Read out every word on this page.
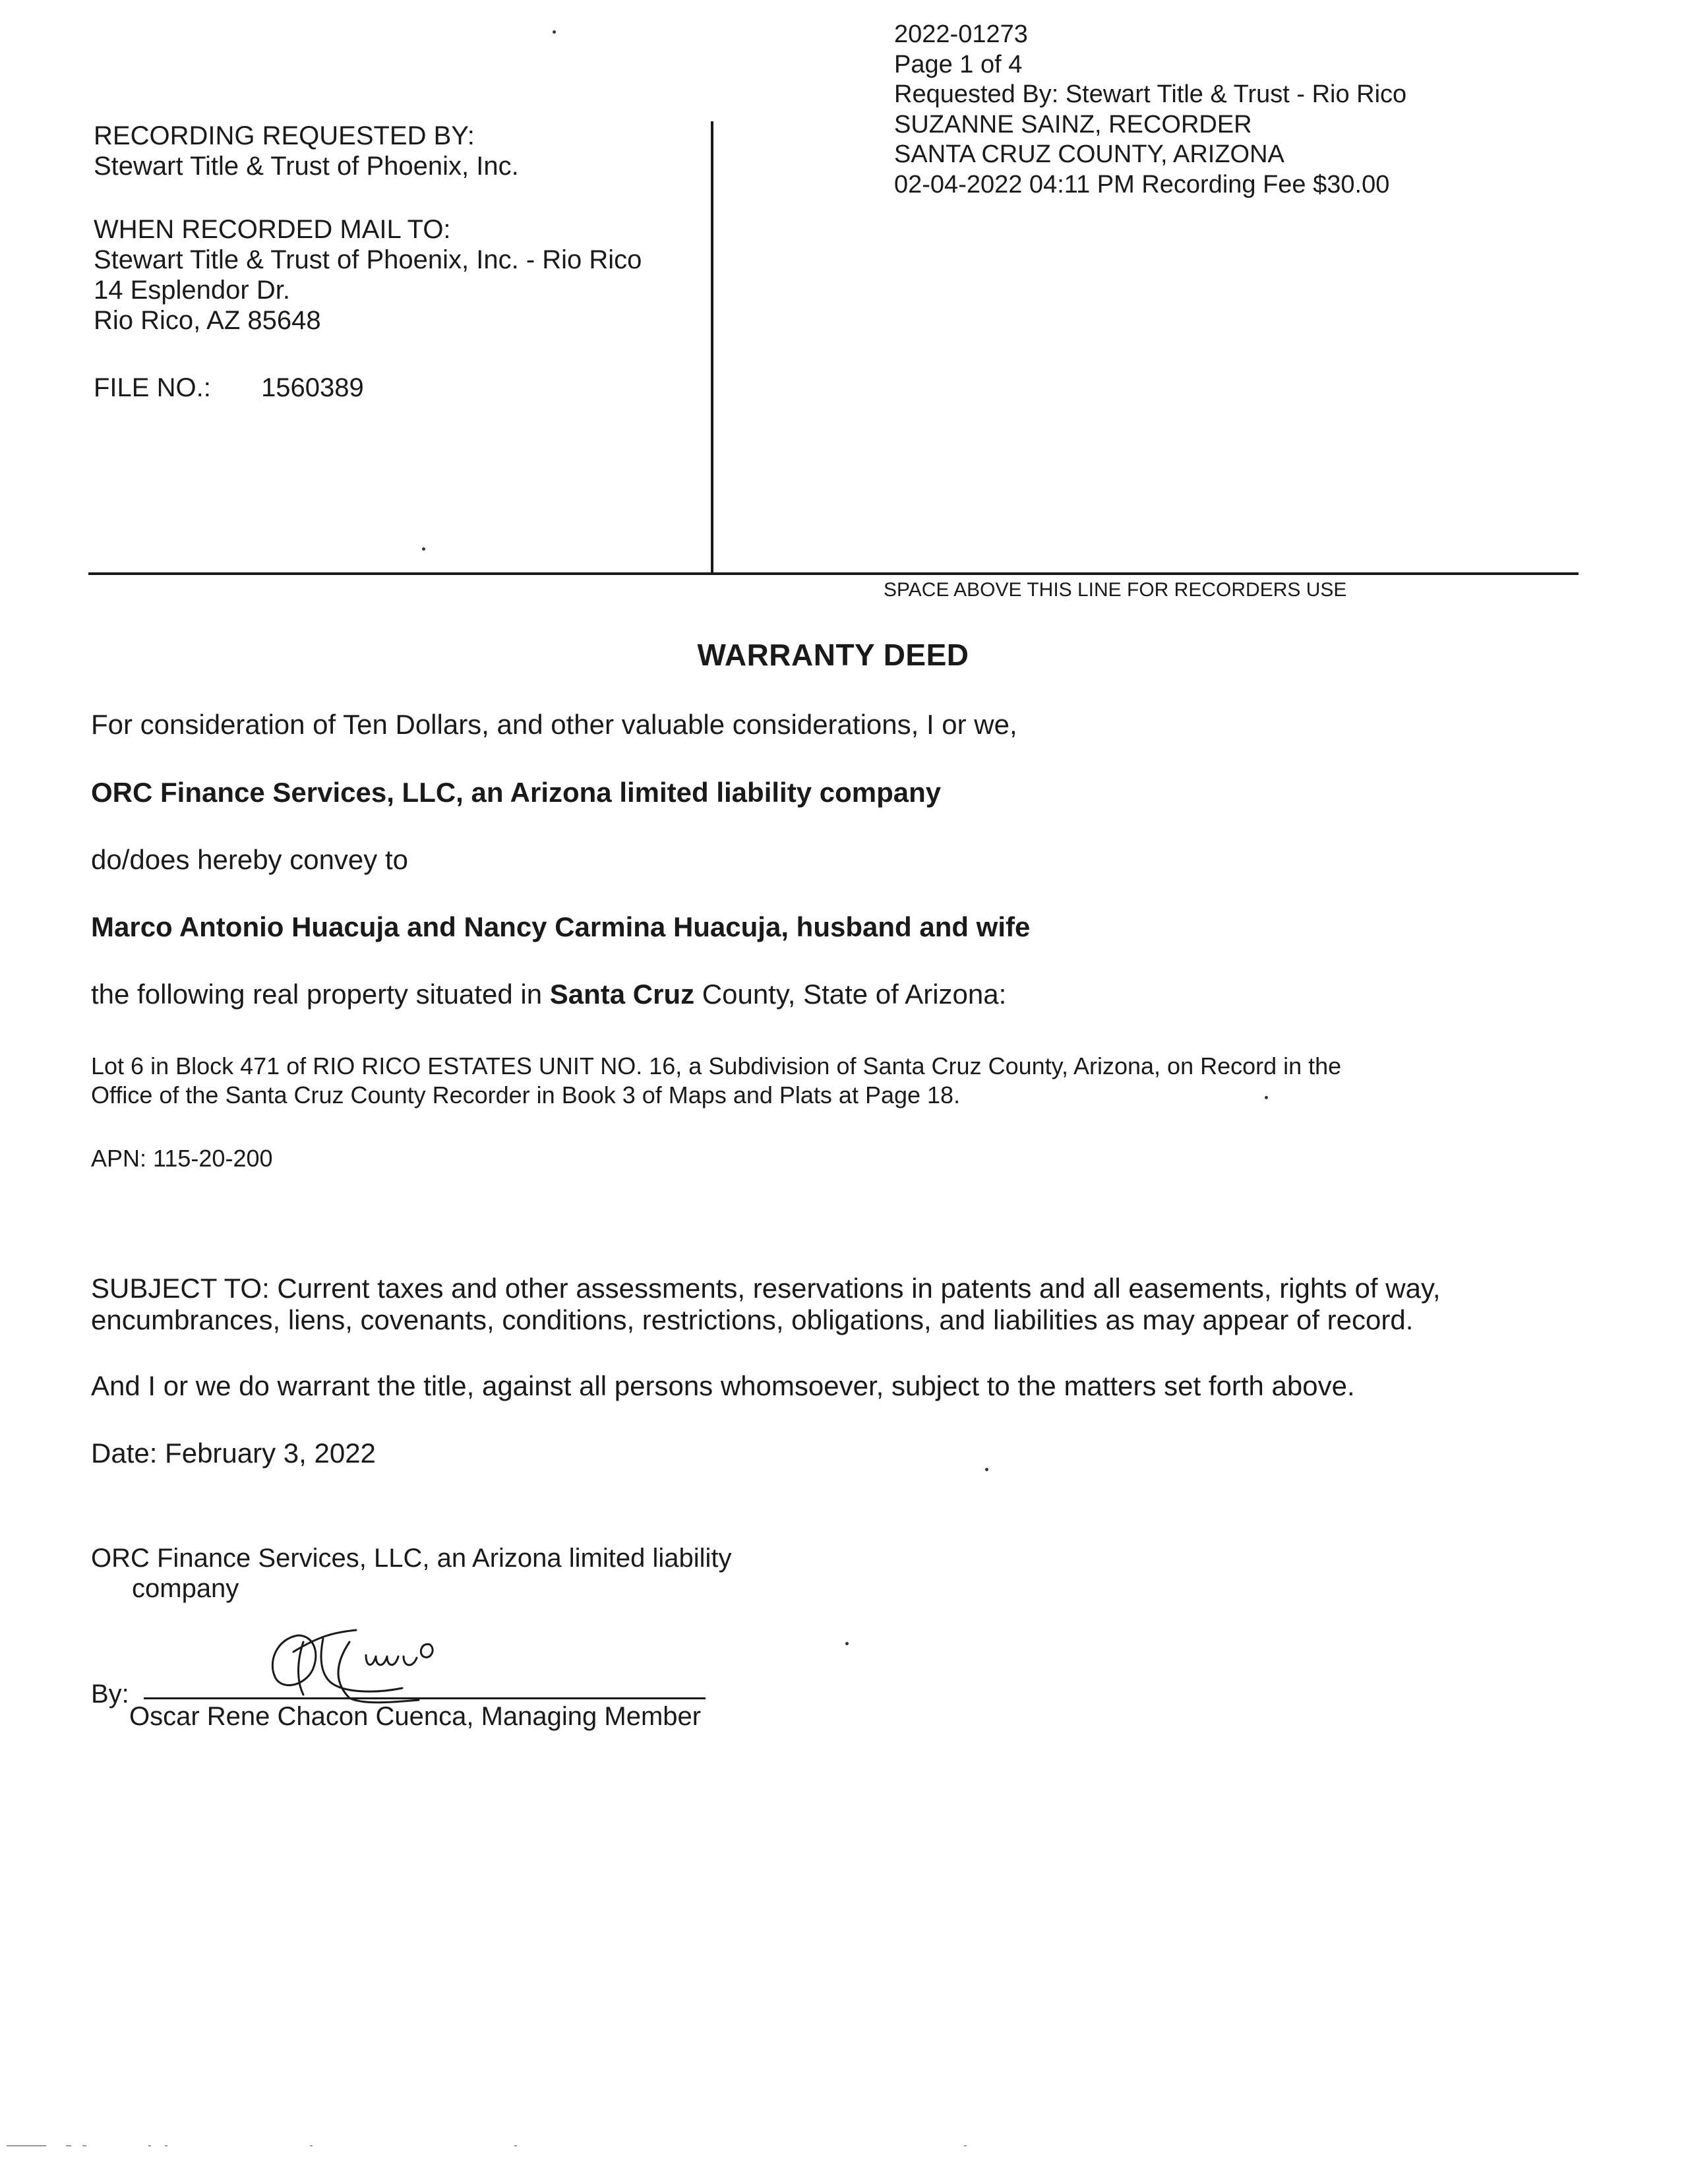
2022-01273
Page 1 of 4
Requested By: Stewart Title & Trust - Rio Rico
SUZANNE SAINZ, RECORDER
SANTA CRUZ COUNTY, ARIZONA
02-04-2022 04:11 PM Recording Fee $30.00
RECORDING REQUESTED BY:
Stewart Title & Trust of Phoenix, Inc.
WHEN RECORDED MAIL TO:
Stewart Title & Trust of Phoenix, Inc. - Rio Rico
14 Esplendor Dr.
Rio Rico, AZ 85648
FILE NO.: 1560389
SPACE ABOVE THIS LINE FOR RECORDERS USE
WARRANTY DEED
For consideration of Ten Dollars, and other valuable considerations, I or we,
ORC Finance Services, LLC, an Arizona limited liability company
do/does hereby convey to
Marco Antonio Huacuja and Nancy Carmina Huacuja, husband and wife
the following real property situated in Santa Cruz County, State of Arizona:
Lot 6 in Block 471 of RIO RICO ESTATES UNIT NO. 16, a Subdivision of Santa Cruz County, Arizona, on Record in the
Office of the Santa Cruz County Recorder in Book 3 of Maps and Plats at Page 18.
APN: 115-20-200
SUBJECT TO: Current taxes and other assessments, reservations in patents and all easements, rights of way,
encumbrances, liens, covenants, conditions, restrictions, obligations, and liabilities as may appear of record.
And I or we do warrant the title, against all persons whomsoever, subject to the matters set forth above.
Date: February 3, 2022
ORC Finance Services, LLC, an Arizona limited liability
company
By:
Oscar Rene Chacon Cuenca, Managing Member
